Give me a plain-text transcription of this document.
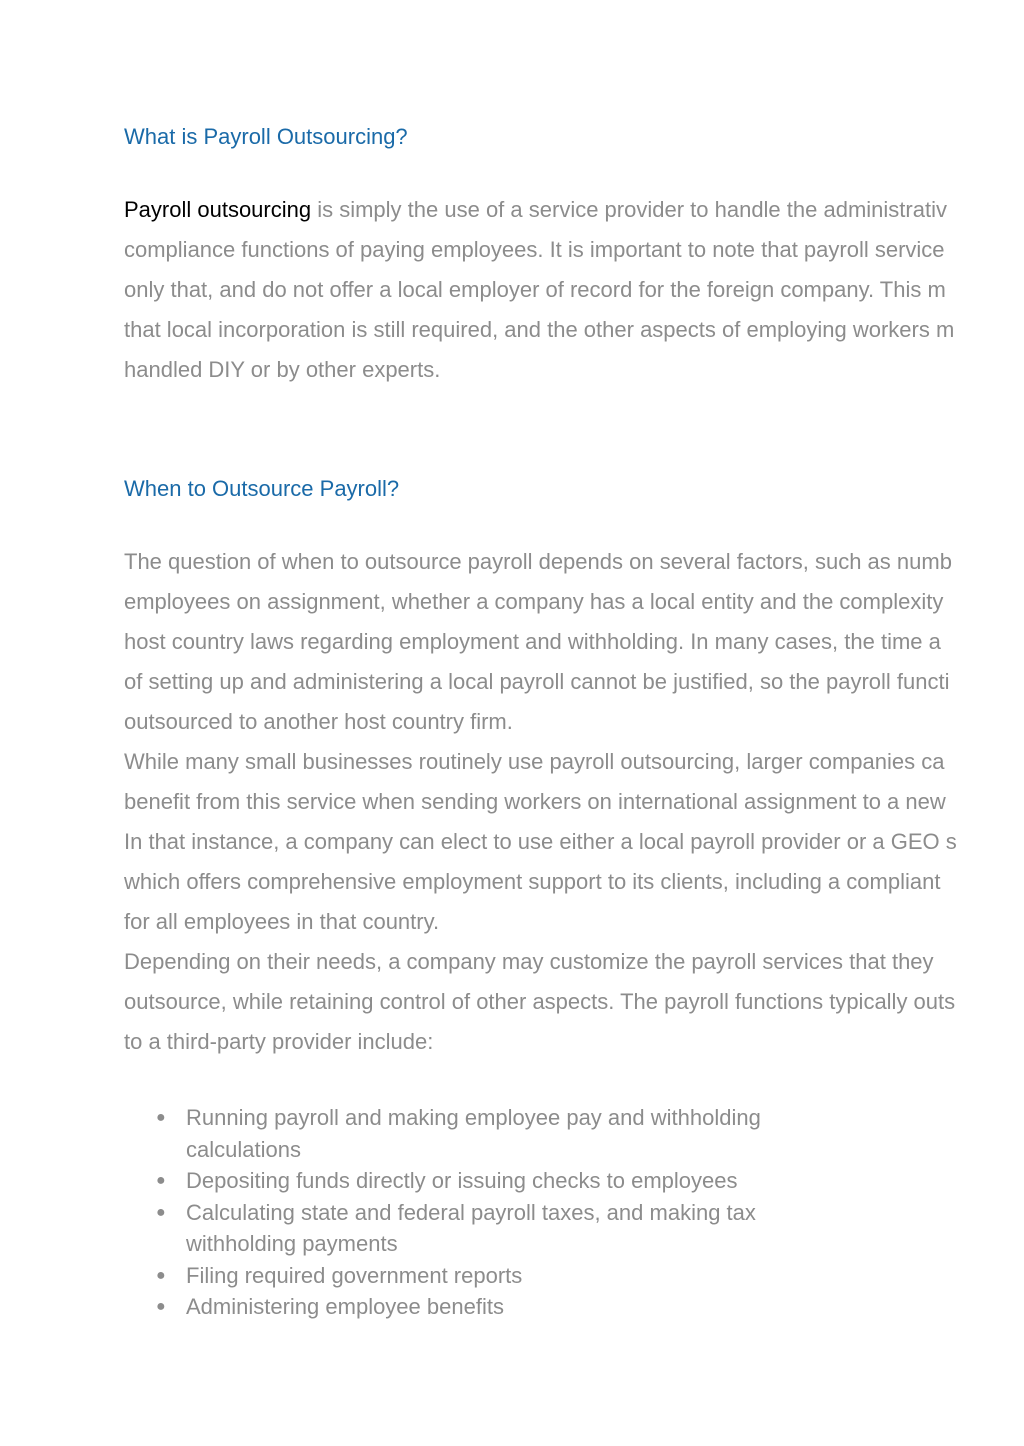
What is Payroll Outsourcing?

Payroll outsourcing is simply the use of a service provider to handle the administrativ

compliance functions of paying employees. It is important to note that payroll service

only that, and do not offer a local employer of record for the foreign company. This m

that local incorporation is still required, and the other aspects of employing workers m

handled DIY or by other experts.

When to Outsource Payroll?

The question of when to outsource payroll depends on several factors, such as numb

employees on assignment, whether a company has a local entity and the complexity

host country laws regarding employment and withholding. In many cases, the time a

of setting up and administering a local payroll cannot be justified, so the payroll functi

outsourced to another host country firm.

While many small businesses routinely use payroll outsourcing, larger companies ca

benefit from this service when sending workers on international assignment to a new

In that instance, a company can elect to use either a local payroll provider or a GEO s

which offers comprehensive employment support to its clients, including a compliant

for all employees in that country.

Depending on their needs, a company may customize the payroll services that they

outsource, while retaining control of other aspects. The payroll functions typically outs

to a third-party provider include:

● Running payroll and making employee pay and withholding calculations
● Depositing funds directly or issuing checks to employees
● Calculating state and federal payroll taxes, and making tax withholding payments
● Filing required government reports
● Administering employee benefits
